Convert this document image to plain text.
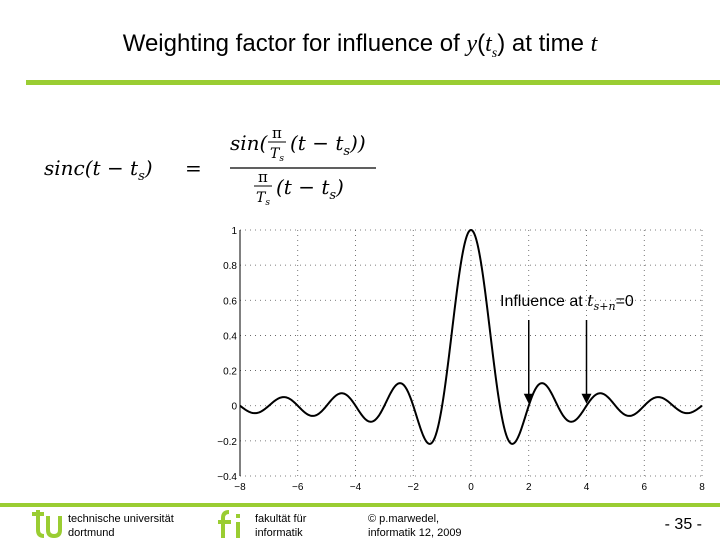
Weighting factor for influence of $y(t_s)$ at time t
$\sin c(t - t_s)$ =
sin( π
$T_s$
$(t - t_s)$)
π
$T_s$
$(t - t_s)$
−0.4
−0.2
0
0.2
0.4
0.6
0.8
1
−8	−6	−4	−2	0	2	4	6	8
Influence at $t_{s+n}=0$
technische universität
dortmund
fakultät für
informatik
© p.marwedel,
informatik 12, 2009	- 35 -
